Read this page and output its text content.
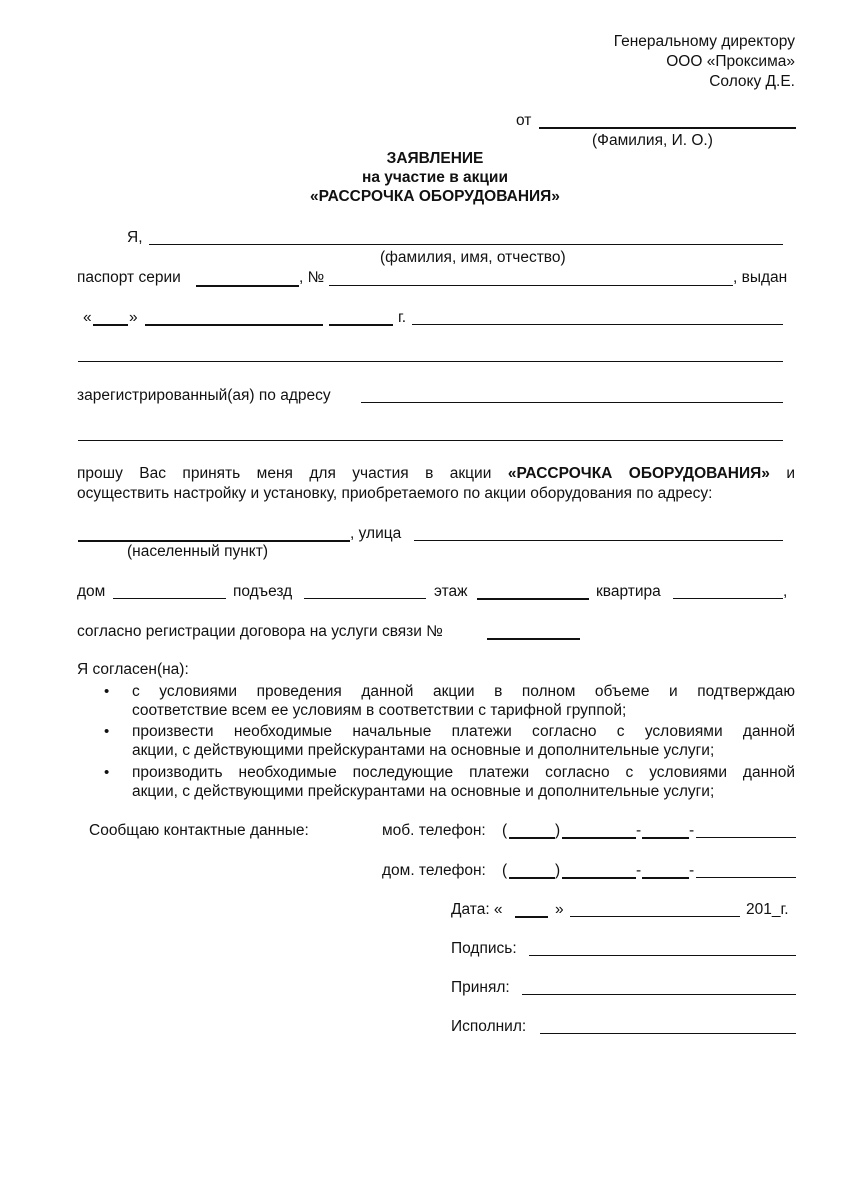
Генеральному директору
ООО «Проксима»
Солоку Д.Е.
от
(Фамилия, И. О.)
ЗАЯВЛЕНИЕ
на участие в акции
«РАССРОЧКА ОБОРУДОВАНИЯ»
Я,
(фамилия, имя, отчество)
паспорт серии	, №	, выдан
« »	г.
зарегистрированный(ая) по адресу
прошу Вас принять меня для участия в акции «РАССРОЧКА ОБОРУДОВАНИЯ» и
осуществить настройку и установку, приобретаемого по акции оборудования по адресу:
, улица
(населенный пункт)
дом	подъезд	этаж	квартира	,
согласно регистрации договора на услуги связи №
Я согласен(на):
• с условиями проведения данной акции в полном объеме и подтверждаю
соответствие всем ее условиям в соответствии с тарифной группой;
• произвести необходимые начальные платежи согласно с условиями данной
акции, с действующими прейскурантами на основные и дополнительные услуги;
• производить необходимые последующие платежи согласно с условиями данной
акции, с действующими прейскурантами на основные и дополнительные услуги;
Сообщаю контактные данные:	моб. телефон: (	)	-	-
дом. телефон: (	)	-	-
Дата: «	»	201_г.
Подпись:
Принял:
Исполнил:
